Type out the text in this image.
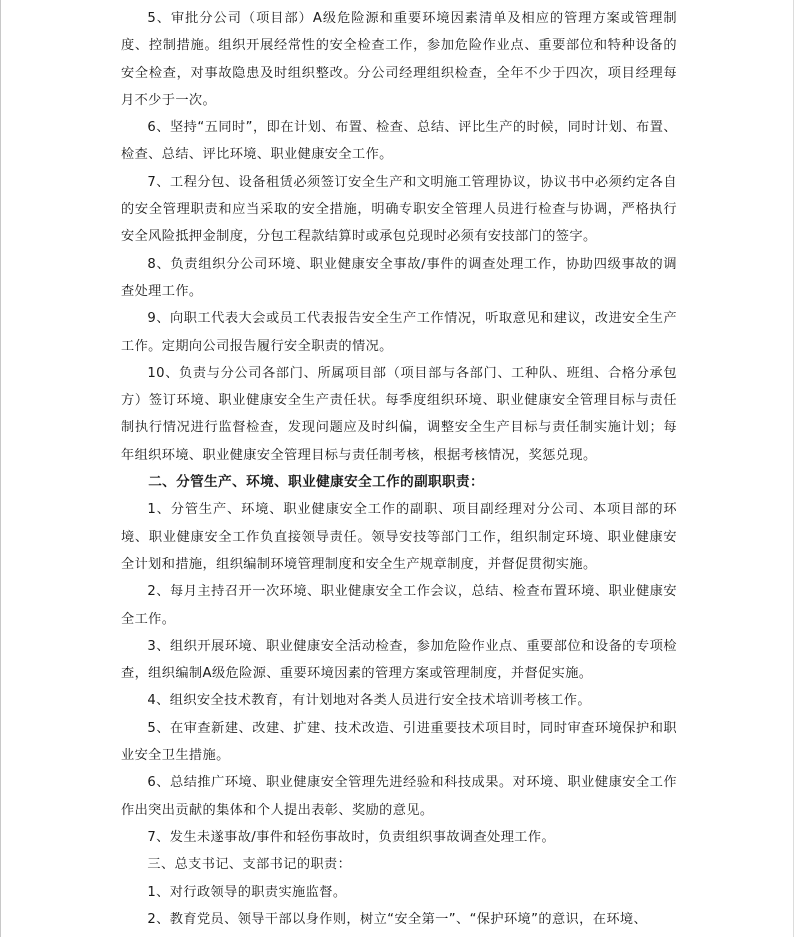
5、审批分公司（项目部）A级危险源和重要环境因素清单及相应的管理方案或管理制度、控制措施。组织开展经常性的安全检查工作，参加危险作业点、重要部位和特种设备的安全检查，对事故隐患及时组织整改。分公司经理组织检查，全年不少于四次，项目经理每月不少于一次。

6、坚持“五同时”，即在计划、布置、检查、总结、评比生产的时候，同时计划、布置、检查、总结、评比环境、职业健康安全工作。

7、工程分包、设备租赁必须签订安全生产和文明施工管理协议，协议书中必须约定各自的安全管理职责和应当采取的安全措施，明确专职安全管理人员进行检查与协调，严格执行安全风险抵押金制度，分包工程款结算时或承包兑现时必须有安技部门的签字。

8、负责组织分公司环境、职业健康安全事故/事件的调查处理工作，协助四级事故的调查处理工作。

9、向职工代表大会或员工代表报告安全生产工作情况，听取意见和建议，改进安全生产工作。定期向公司报告履行安全职责的情况。

10、负责与分公司各部门、所属项目部（项目部与各部门、工种队、班组、合格分承包方）签订环境、职业健康安全生产责任状。每季度组织环境、职业健康安全管理目标与责任制执行情况进行监督检查，发现问题应及时纠偏，调整安全生产目标与责任制实施计划；每年组织环境、职业健康安全管理目标与责任制考核，根据考核情况，奖惩兑现。

二、分管生产、环境、职业健康安全工作的副职职责：

1、分管生产、环境、职业健康安全工作的副职、项目副经理对分公司、本项目部的环境、职业健康安全工作负直接领导责任。领导安技等部门工作，组织制定环境、职业健康安全计划和措施，组织编制环境管理制度和安全生产规章制度，并督促贯彻实施。

2、每月主持召开一次环境、职业健康安全工作会议，总结、检查布置环境、职业健康安全工作。

3、组织开展环境、职业健康安全活动检查，参加危险作业点、重要部位和设备的专项检查，组织编制A级危险源、重要环境因素的管理方案或管理制度，并督促实施。

4、组织安全技术教育，有计划地对各类人员进行安全技术培训考核工作。

5、在审查新建、改建、扩建、技术改造、引进重要技术项目时，同时审查环境保护和职业安全卫生措施。

6、总结推广环境、职业健康安全管理先进经验和科技成果。对环境、职业健康安全工作作出突出贡献的集体和个人提出表彰、奖励的意见。

7、发生未遂事故/事件和轻伤事故时，负责组织事故调查处理工作。

三、总支书记、支部书记的职责：

1、对行政领导的职责实施监督。

2、教育党员、领导干部以身作则，树立“安全第一”、“保护环境”的意识，在环境、
